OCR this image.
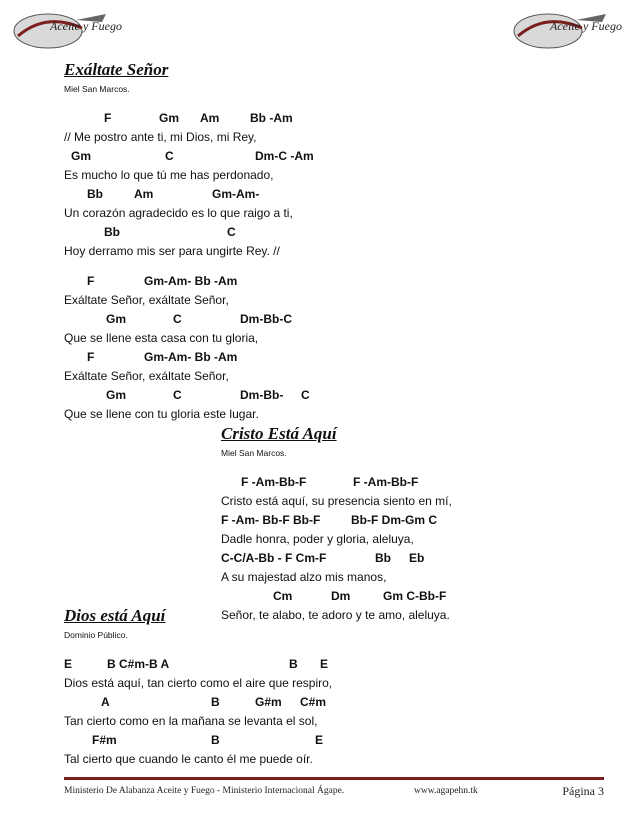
Aceite y Fuego	Aceite y Fuego
Exáltate Señor
Miel San Marcos.
F	Gm Am	Bb -Am
// Me postro ante ti, mi Dios, mi Rey,
Gm	C	Dm-C -Am
Es mucho lo que tú me has perdonado,
Bb	Am	Gm-Am-
Un corazón agradecido es lo que raigo a ti,
Bb	C
Hoy derramo mis ser para ungirte Rey. //
F	Gm-Am- Bb -Am
Exáltate Señor, exáltate Señor,
Gm	C	Dm-Bb-C
Que se llene esta casa con tu gloria,
F	Gm-Am- Bb -Am
Exáltate Señor, exáltate Señor,
Gm	C	Dm-Bb- C
Que se llene con tu gloria este lugar.
Cristo Está Aquí
Miel San Marcos.
F -Am-Bb-F	F -Am-Bb-F
Cristo está aquí, su presencia siento en mí,
F -Am- Bb-F Bb-F	Bb-F Dm-Gm C
Dadle honra, poder y gloria, aleluya,
C-C/A-Bb - F Cm-F	Bb Eb
A su majestad alzo mis manos,
Cm	Dm	Gm C-Bb-F
Señor, te alabo, te adoro y te amo, aleluya.
Dios está Aquí
Dominio Público.
E	B C#m-B A	B E
Dios está aquí, tan cierto como el aire que respiro,
A	B	G#m C#m
Tan cierto como en la mañana se levanta el sol,
F#m	B	E
Tal cierto que cuando le canto él me puede oír.
Ministerio De Alabanza Aceite y Fuego - Ministerio Internacional Ágape.	www.agapehn.tk	Página 3
